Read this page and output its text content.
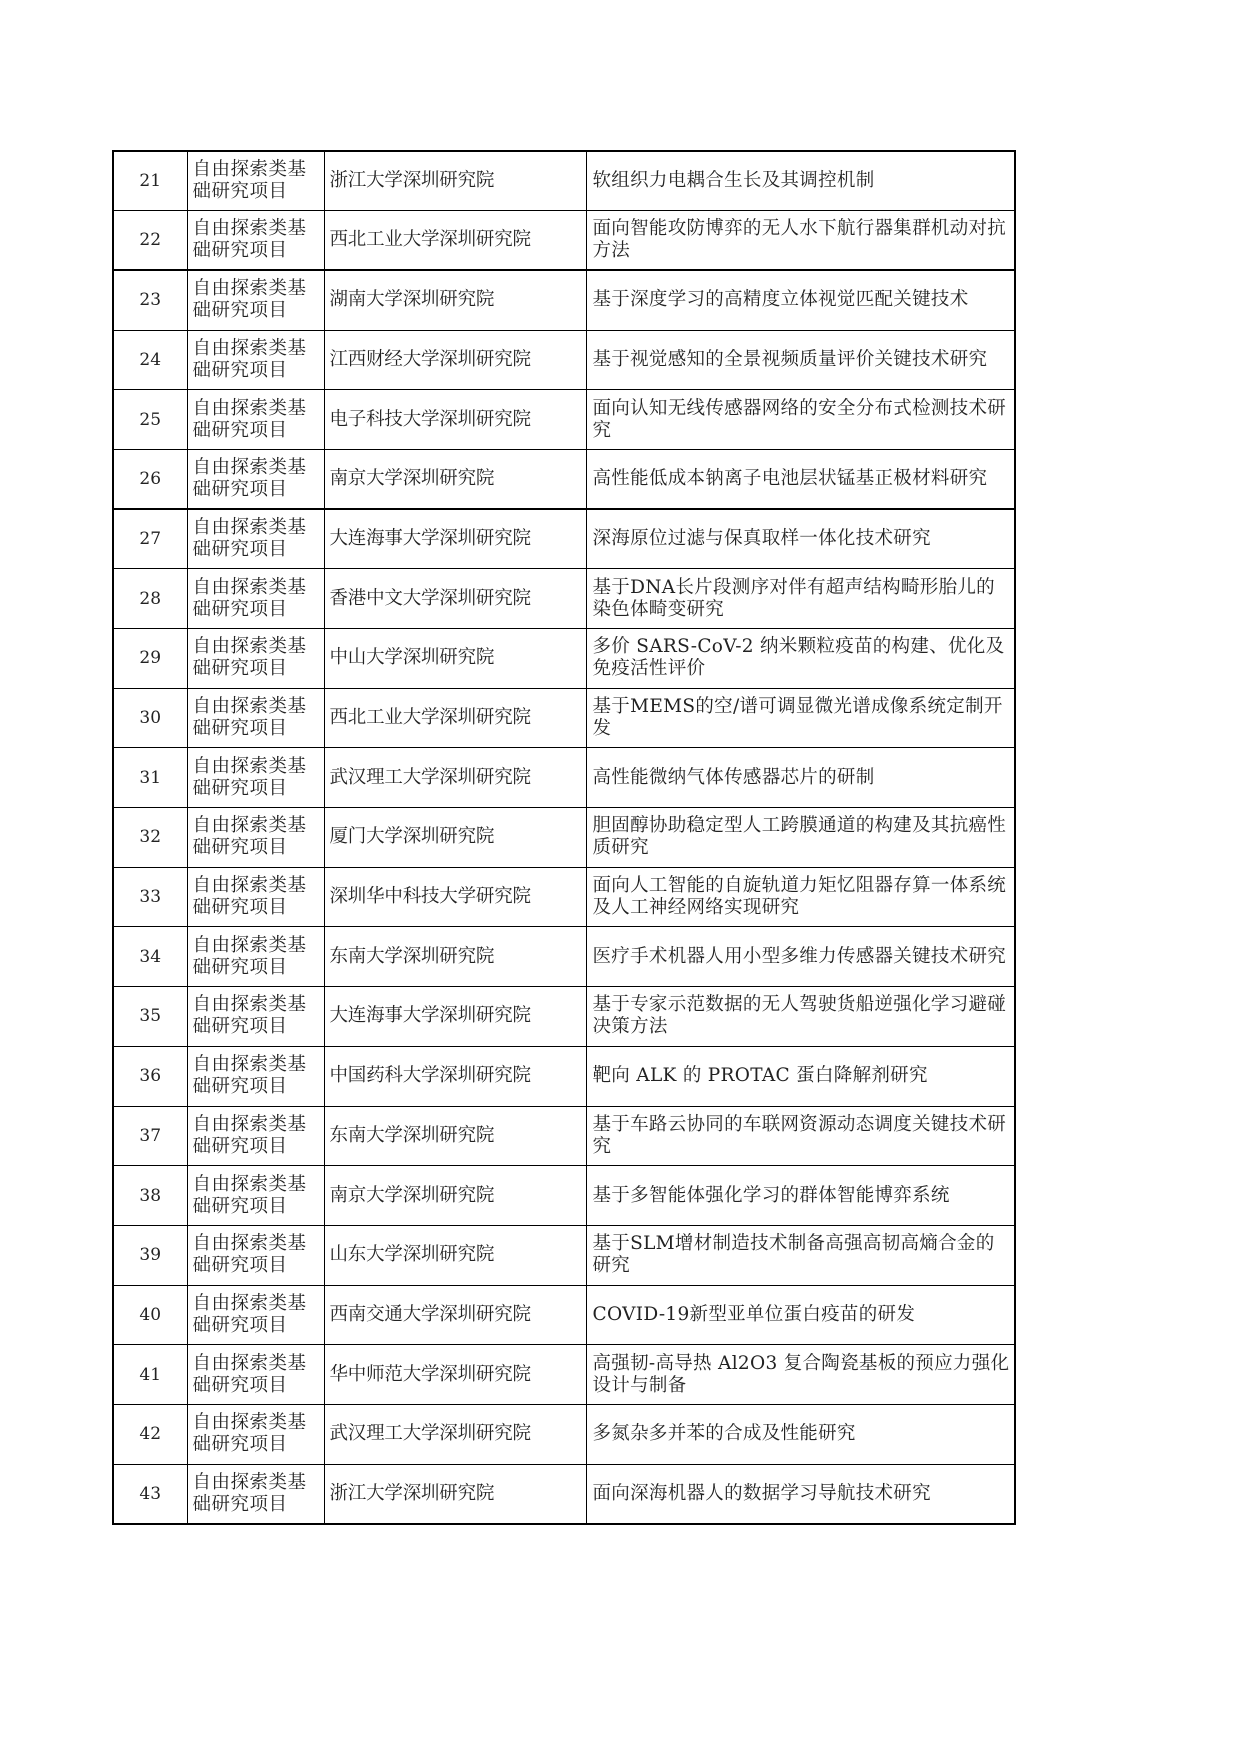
21	自由探索类基础研究项目	浙江大学深圳研究院	软组织力电耦合生长及其调控机制
22	自由探索类基础研究项目	西北工业大学深圳研究院	面向智能攻防博弈的无人水下航行器集群机动对抗方法
23	自由探索类基础研究项目	湖南大学深圳研究院	基于深度学习的高精度立体视觉匹配关键技术
24	自由探索类基础研究项目	江西财经大学深圳研究院	基于视觉感知的全景视频质量评价关键技术研究
25	自由探索类基础研究项目	电子科技大学深圳研究院	面向认知无线传感器网络的安全分布式检测技术研究
26	自由探索类基础研究项目	南京大学深圳研究院	高性能低成本钠离子电池层状锰基正极材料研究
27	自由探索类基础研究项目	大连海事大学深圳研究院	深海原位过滤与保真取样一体化技术研究
28	自由探索类基础研究项目	香港中文大学深圳研究院	基于DNA长片段测序对伴有超声结构畸形胎儿的染色体畸变研究
29	自由探索类基础研究项目	中山大学深圳研究院	多价 SARS-CoV-2 纳米颗粒疫苗的构建、优化及免疫活性评价
30	自由探索类基础研究项目	西北工业大学深圳研究院	基于MEMS的空/谱可调显微光谱成像系统定制开发
31	自由探索类基础研究项目	武汉理工大学深圳研究院	高性能微纳气体传感器芯片的研制
32	自由探索类基础研究项目	厦门大学深圳研究院	胆固醇协助稳定型人工跨膜通道的构建及其抗癌性质研究
33	自由探索类基础研究项目	深圳华中科技大学研究院	面向人工智能的自旋轨道力矩忆阻器存算一体系统及人工神经网络实现研究
34	自由探索类基础研究项目	东南大学深圳研究院	医疗手术机器人用小型多维力传感器关键技术研究
35	自由探索类基础研究项目	大连海事大学深圳研究院	基于专家示范数据的无人驾驶货船逆强化学习避碰决策方法
36	自由探索类基础研究项目	中国药科大学深圳研究院	靶向 ALK 的 PROTAC 蛋白降解剂研究
37	自由探索类基础研究项目	东南大学深圳研究院	基于车路云协同的车联网资源动态调度关键技术研究
38	自由探索类基础研究项目	南京大学深圳研究院	基于多智能体强化学习的群体智能博弈系统
39	自由探索类基础研究项目	山东大学深圳研究院	基于SLM增材制造技术制备高强高韧高熵合金的研究
40	自由探索类基础研究项目	西南交通大学深圳研究院	COVID-19新型亚单位蛋白疫苗的研发
41	自由探索类基础研究项目	华中师范大学深圳研究院	高强韧-高导热 Al2O3 复合陶瓷基板的预应力强化设计与制备
42	自由探索类基础研究项目	武汉理工大学深圳研究院	多氮杂多并苯的合成及性能研究
43	自由探索类基础研究项目	浙江大学深圳研究院	面向深海机器人的数据学习导航技术研究
